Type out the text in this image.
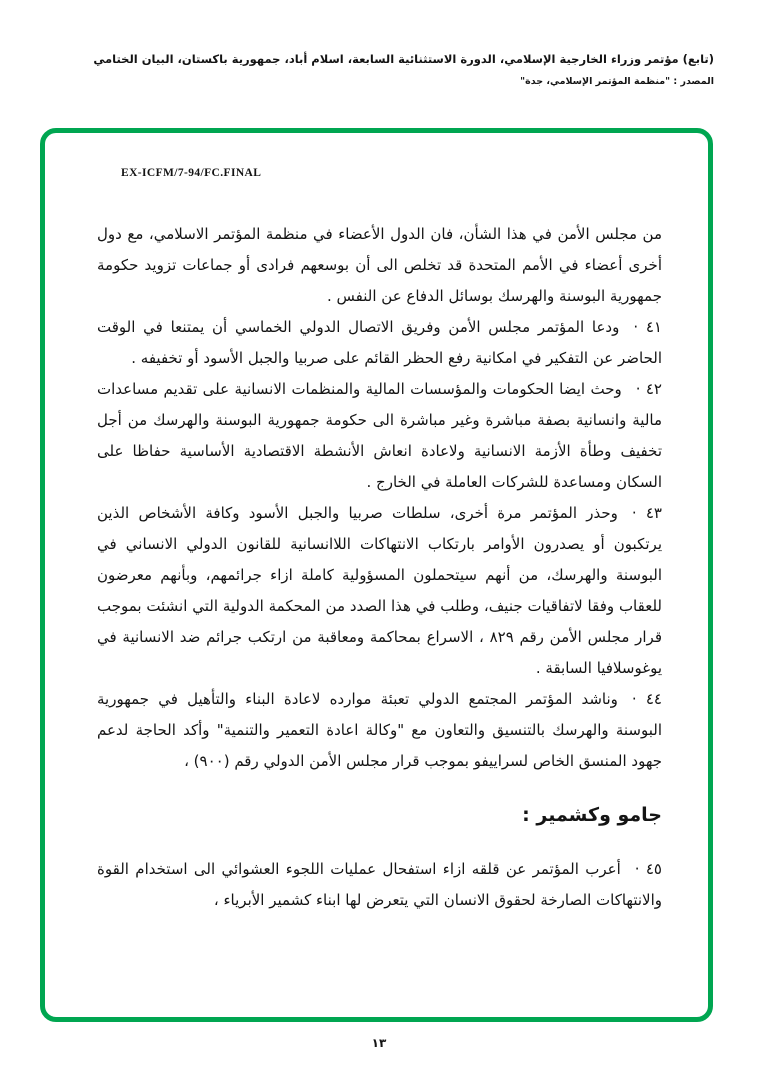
(تابع) مؤتمر وزراء الخارجية الإسلامي، الدورة الاستثنائية السابعة، اسلام أباد، جمهورية باكستان، البيان الختامي
المصدر : "منظمة المؤتمر الإسلامي، جدة"
EX-ICFM/7-94/FC.FINAL

من مجلس الأمن في هذا الشأن، فان الدول الأعضاء في منظمة المؤتمر الاسلامي، مع دول أخرى أعضاء في الأمم المتحدة قد تخلص الى أن بوسعهم فرادى أو جماعات تزويد حكومة جمهورية البوسنة والهرسك بوسائل الدفاع عن النفس .

٤١ ·ودعا المؤتمر مجلس الأمن وفريق الاتصال الدولي الخماسي أن يمتنعا في الوقت الحاضر عن التفكير في امكانية رفع الحظر القائم على صربيا والجبل الأسود أو تخفيفه .

٤٢ ·وحث ايضا الحكومات والمؤسسات المالية والمنظمات الانسانية على تقديم مساعدات مالية وانسانية بصفة مباشرة وغير مباشرة الى حكومة جمهورية البوسنة والهرسك من أجل تخفيف وطأة الأزمة الانسانية ولاعادة انعاش الأنشطة الاقتصادية الأساسية حفاظا على السكان ومساعدة للشركات العاملة في الخارج .

٤٣ ·وحذر المؤتمر مرة أخرى، سلطات صربيا والجبل الأسود وكافة الأشخاص الذين يرتكبون أو يصدرون الأوامر بارتكاب الانتهاكات اللاانسانية للقانون الدولي الانساني في البوسنة والهرسك، من أنهم سيتحملون المسؤولية كاملة ازاء جرائمهم، وبأنهم معرضون للعقاب وفقا لاتفاقيات جنيف، وطلب في هذا الصدد من المحكمة الدولية التي انشئت بموجب قرار مجلس الأمن رقم ٨٢٩ ، الاسراع بمحاكمة ومعاقبة من ارتكب جرائم ضد الانسانية في يوغوسلافيا السابقة .

٤٤ ·وناشد المؤتمر المجتمع الدولي تعبئة موارده لاعادة البناء والتأهيل في جمهورية البوسنة والهرسك بالتنسيق والتعاون مع "وكالة اعادة التعمير والتنمية" وأكد الحاجة لدعم جهود المنسق الخاص لسراييفو بموجب قرار مجلس الأمن الدولي رقم (٩٠٠) ،

جامو وكشمير :

٤٥ ·أعرب المؤتمر عن قلقه ازاء استفحال عمليات اللجوء العشوائي الى استخدام القوة والانتهاكات الصارخة لحقوق الانسان التي يتعرض لها ابناء كشمير الأبرياء ،

١٣
